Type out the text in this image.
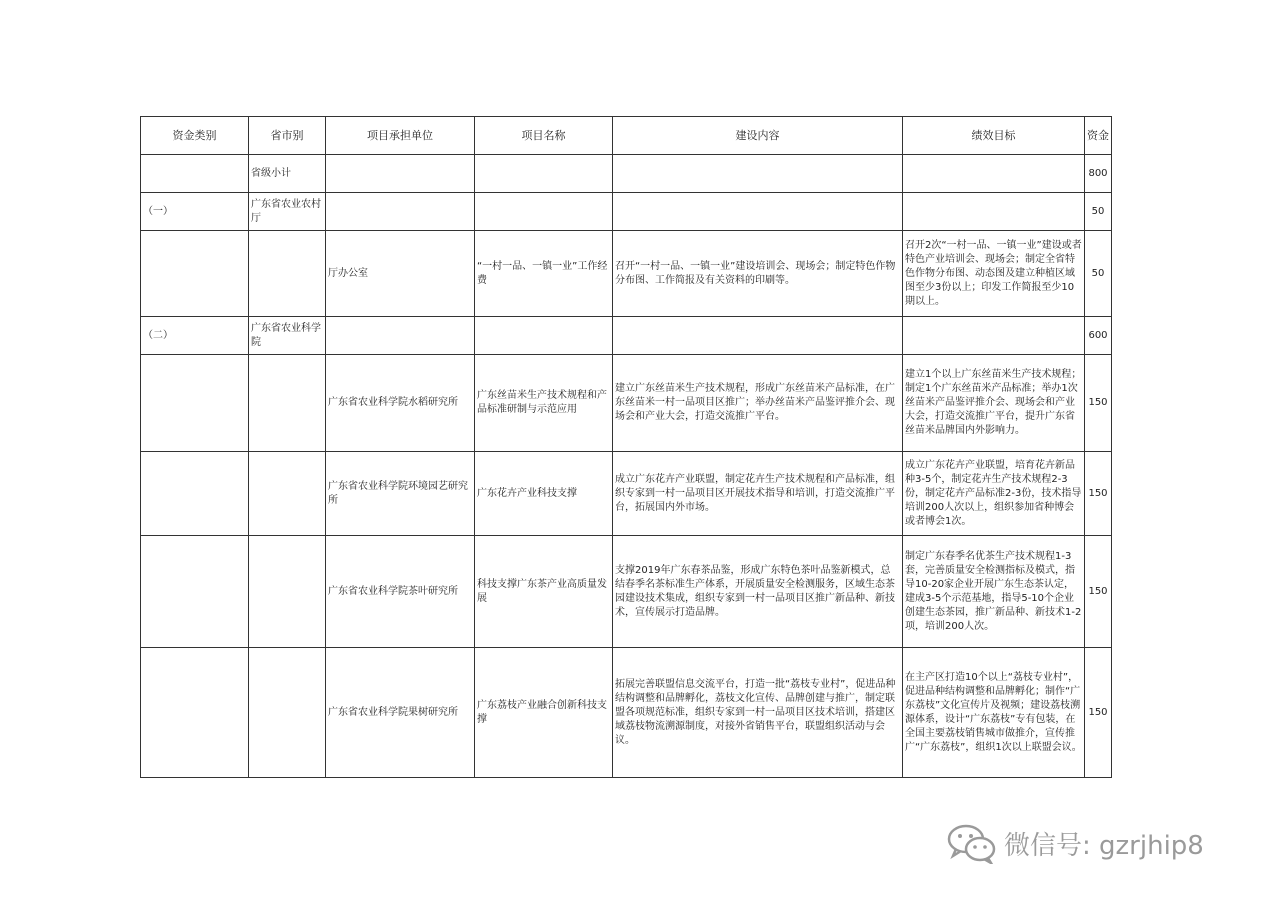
资金类别	省市别	项目承担单位	项目名称	建设内容	绩效目标	资金
	省级小计					800
（一）	广东省农业农村厅					50
		厅办公室	“一村一品、一镇一业”工作经费	召开“一村一品、一镇一业”建设培训会、现场会；制定特色作物分布图、工作简报及有关资料的印刷等。	召开2次“一村一品、一镇一业”建设或者特色产业培训会、现场会；制定全省特色作物分布图、动态图及建立种植区域图至少3份以上；印发工作简报至少10期以上。	50
（二）	广东省农业科学院					600
		广东省农业科学院水稻研究所	广东丝苗米生产技术规程和产品标准研制与示范应用	建立广东丝苗米生产技术规程，形成广东丝苗米产品标准，在广东丝苗米一村一品项目区推广；举办丝苗米产品鉴评推介会、现场会和产业大会，打造交流推广平台。	建立1个以上广东丝苗米生产技术规程；制定1个广东丝苗米产品标准；举办1次丝苗米产品鉴评推介会、现场会和产业大会，打造交流推广平台，提升广东省丝苗米品牌国内外影响力。	150
		广东省农业科学院环境园艺研究所	广东花卉产业科技支撑	成立广东花卉产业联盟，制定花卉生产技术规程和产品标准，组织专家到一村一品项目区开展技术指导和培训，打造交流推广平台，拓展国内外市场。	成立广东花卉产业联盟，培育花卉新品种3-5个，制定花卉生产技术规程2-3份，制定花卉产品标准2-3份，技术指导培训200人次以上，组织参加省种博会或者博会1次。	150
		广东省农业科学院茶叶研究所	科技支撑广东茶产业高质量发展	支撑2019年广东春茶品鉴，形成广东特色茶叶品鉴新模式，总结春季名茶标准生产体系，开展质量安全检测服务，区域生态茶园建设技术集成，组织专家到一村一品项目区推广新品种、新技术，宣传展示打造品牌。	制定广东春季名优茶生产技术规程1-3套，完善质量安全检测指标及模式，指导10-20家企业开展广东生态茶认定，建成3-5个示范基地，指导5-10个企业创建生态茶园，推广新品种、新技术1-2项，培训200人次。	150
		广东省农业科学院果树研究所	广东荔枝产业融合创新科技支撑	拓展完善联盟信息交流平台，打造一批“荔枝专业村”，促进品种结构调整和品牌孵化，荔枝文化宣传、品牌创建与推广，制定联盟各项规范标准，组织专家到一村一品项目区技术培训，搭建区域荔枝物流溯源制度，对接外省销售平台，联盟组织活动与会议。	在主产区打造10个以上“荔枝专业村”，促进品种结构调整和品牌孵化；制作“广东荔枝”文化宣传片及视频；建设荔枝溯源体系，设计“广东荔枝”专有包装，在全国主要荔枝销售城市做推介，宣传推广“广东荔枝”，组织1次以上联盟会议。	150
微信号: gzrjhip8
